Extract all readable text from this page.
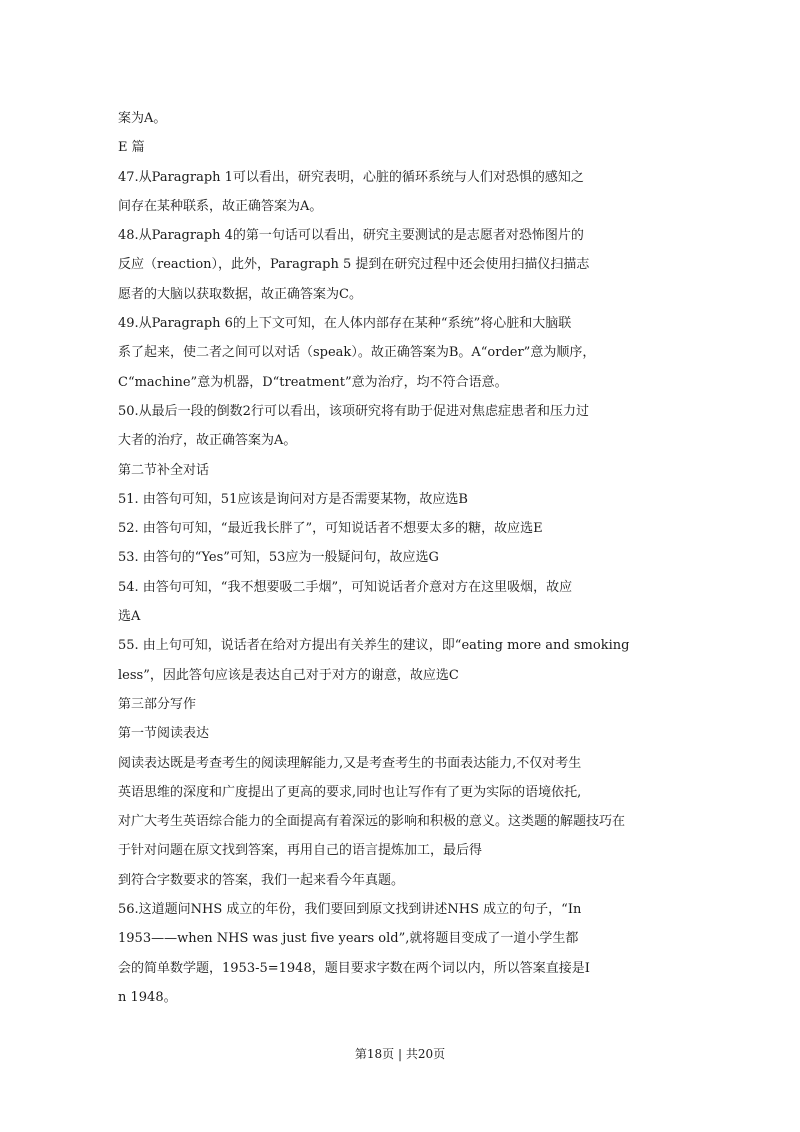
案为A。
E 篇
47.从Paragraph 1可以看出，研究表明，心脏的循环系统与人们对恐惧的感知之
间存在某种联系，故正确答案为A。
48.从Paragraph 4的第一句话可以看出，研究主要测试的是志愿者对恐怖图片的
反应（reaction），此外，Paragraph 5 提到在研究过程中还会使用扫描仪扫描志
愿者的大脑以获取数据，故正确答案为C。
49.从Paragraph 6的上下文可知，在人体内部存在某种“系统”将心脏和大脑联
系了起来，使二者之间可以对话（speak）。故正确答案为B。A“order”意为顺序，
C“machine”意为机器，D“treatment”意为治疗，均不符合语意。
50.从最后一段的倒数2行可以看出，该项研究将有助于促进对焦虑症患者和压力过
大者的治疗，故正确答案为A。
第二节补全对话
51. 由答句可知，51应该是询问对方是否需要某物，故应选B
52. 由答句可知，“最近我长胖了”，可知说话者不想要太多的糖，故应选E
53. 由答句的“Yes”可知，53应为一般疑问句，故应选G
54. 由答句可知，“我不想要吸二手烟”，可知说话者介意对方在这里吸烟，故应
选A
55. 由上句可知，说话者在给对方提出有关养生的建议，即“eating more and smoking
less”，因此答句应该是表达自己对于对方的谢意，故应选C
第三部分写作
第一节阅读表达
阅读表达既是考查考生的阅读理解能力,又是考查考生的书面表达能力,不仅对考生
英语思维的深度和广度提出了更高的要求,同时也让写作有了更为实际的语境依托,
对广大考生英语综合能力的全面提高有着深远的影响和积极的意义。这类题的解题技巧在
于针对问题在原文找到答案，再用自己的语言提炼加工，最后得
到符合字数要求的答案，我们一起来看今年真题。
56.这道题问NHS 成立的年份，我们要回到原文找到讲述NHS 成立的句子，“In
1953——when NHS was just five years old”,就将题目变成了一道小学生都
会的简单数学题，1953-5=1948，题目要求字数在两个词以内，所以答案直接是I
n 1948。
第18页 | 共20页
